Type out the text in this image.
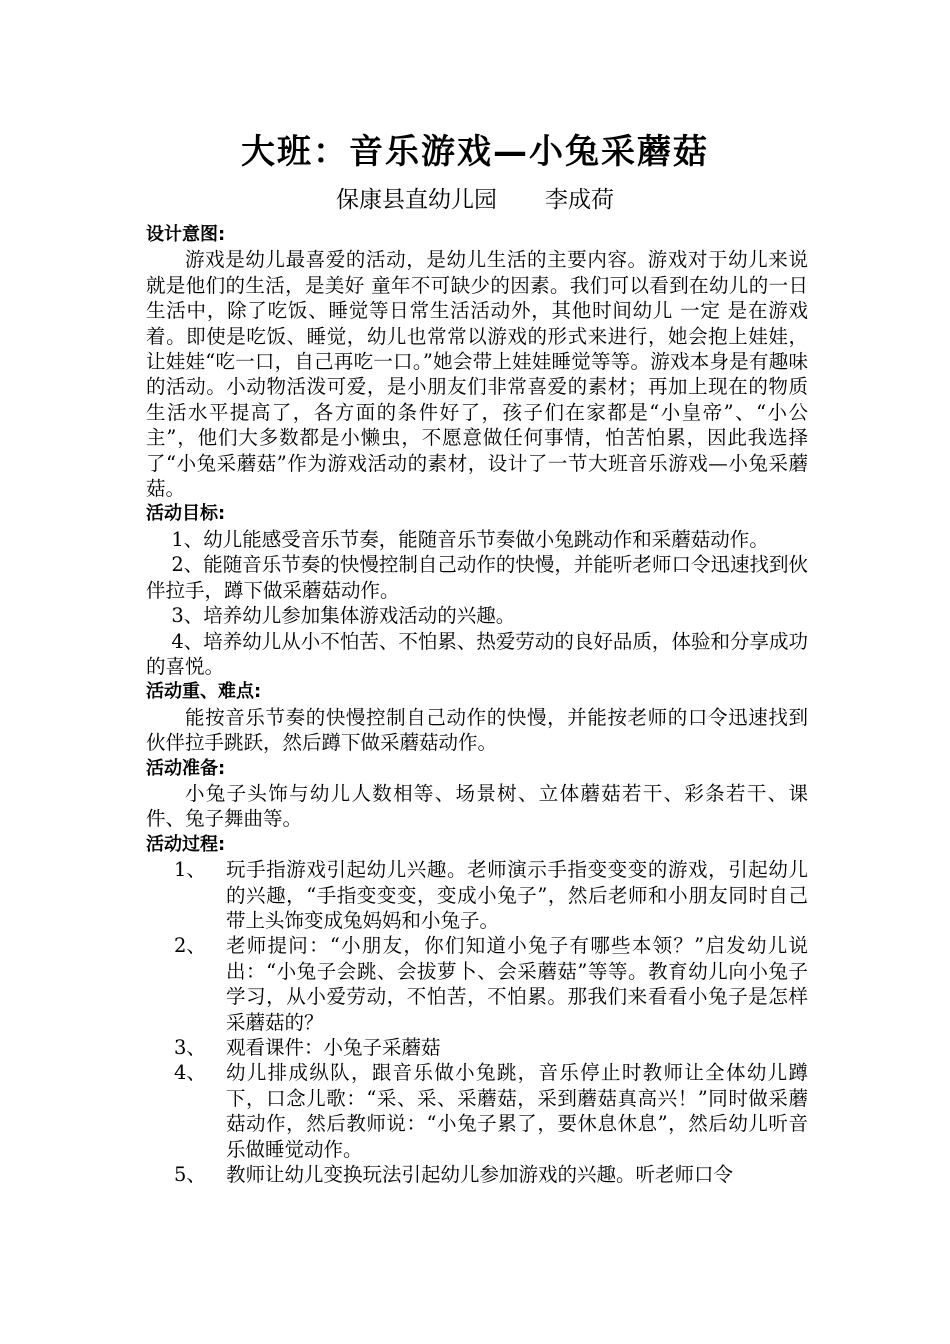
大班：音乐游戏—小兔采蘑菇
保康县直幼儿园 李成荷
设计意图:

游戏是幼儿最喜爱的活动，是幼儿生活的主要内容。游戏对于幼儿来说就是他们的生活，是美好 童年不可缺少的因素。我们可以看到在幼儿的一日生活中，除了吃饭、睡觉等日常生活活动外，其他时间幼儿 一定 是在游戏着。即使是吃饭、睡觉，幼儿也常常以游戏的形式来进行，她会抱上娃娃，让娃娃“吃一口，自己再吃一口。”她会带上娃娃睡觉等等。游戏本身是有趣味的活动。小动物活泼可爱，是小朋友们非常喜爱的素材；再加上现在的物质生活水平提高了，各方面的条件好了，孩子们在家都是“小皇帝”、“小公主”，他们大多数都是小懒虫，不愿意做任何事情，怕苦怕累，因此我选择了“小兔采蘑菇”作为游戏活动的素材，设计了一节大班音乐游戏—小兔采蘑菇。

活动目标:

1、幼儿能感受音乐节奏，能随音乐节奏做小兔跳动作和采蘑菇动作。

2、能随音乐节奏的快慢控制自己动作的快慢，并能听老师口令迅速找到伙伴拉手，蹲下做采蘑菇动作。

3、培养幼儿参加集体游戏活动的兴趣。

4、培养幼儿从小不怕苦、不怕累、热爱劳动的良好品质，体验和分享成功的喜悦。

活动重、难点:

能按音乐节奏的快慢控制自己动作的快慢，并能按老师的口令迅速找到伙伴拉手跳跃，然后蹲下做采蘑菇动作。

活动准备:

小兔子头饰与幼儿人数相等、场景树、立体蘑菇若干、彩条若干、课件、兔子舞曲等。

活动过程:
1、	玩手指游戏引起幼儿兴趣。老师演示手指变变变的游戏，引起幼儿的兴趣，“手指变变变，变成小兔子”，然后老师和小朋友同时自己带上头饰变成兔妈妈和小兔子。
2、	老师提问：“小朋友，你们知道小兔子有哪些本领？”启发幼儿说出：“小兔子会跳、会拔萝卜、会采蘑菇”等等。教育幼儿向小兔子学习，从小爱劳动，不怕苦，不怕累。那我们来看看小兔子是怎样采蘑菇的？
3、	观看课件：小兔子采蘑菇
4、	幼儿排成纵队，跟音乐做小兔跳，音乐停止时教师让全体幼儿蹲下，口念儿歌：“采、采、采蘑菇，采到蘑菇真高兴！”同时做采蘑菇动作，然后教师说：“小兔子累了，要休息休息”，然后幼儿听音乐做睡觉动作。
5、	教师让幼儿变换玩法引起幼儿参加游戏的兴趣。听老师口令
